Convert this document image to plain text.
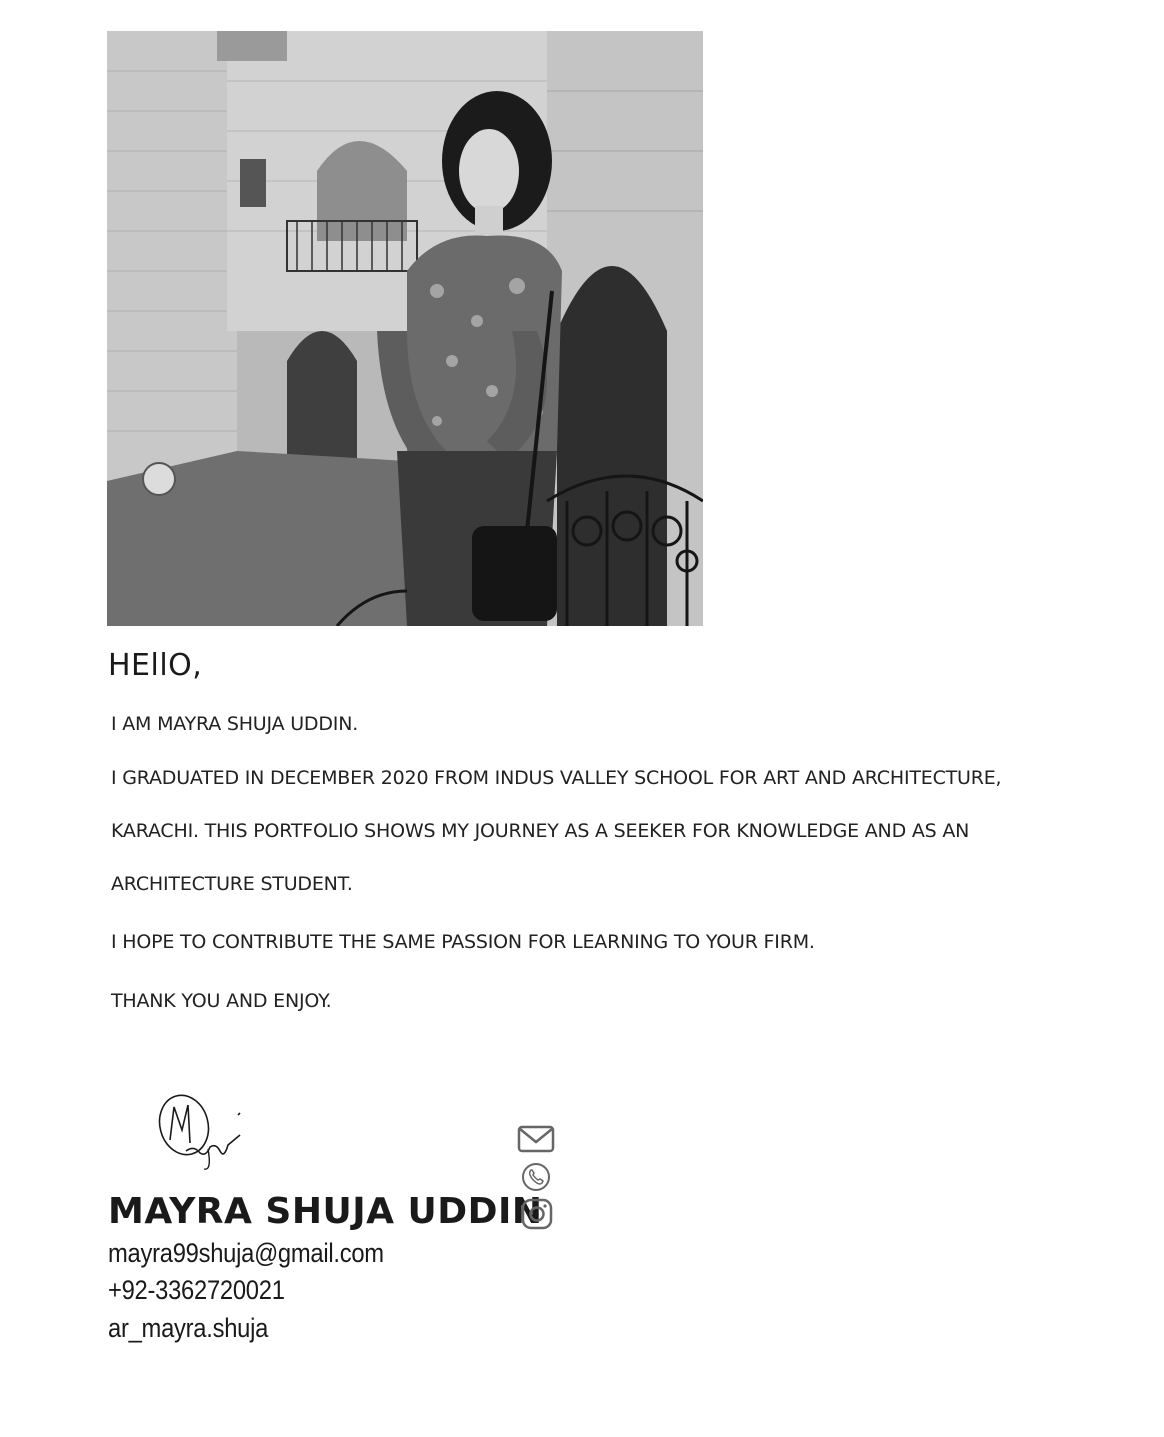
HEllO,

I AM MAYRA SHUJA UDDIN.

I GRADUATED IN DECEMBER 2020 FROM INDUS VALLEY SCHOOL FOR ART AND ARCHITECTURE,

KARACHI. THIS PORTFOLIO SHOWS MY JOURNEY AS A SEEKER FOR KNOWLEDGE AND AS AN

ARCHITECTURE STUDENT.

I HOPE TO CONTRIBUTE THE SAME PASSION FOR LEARNING TO YOUR FIRM.

THANK YOU AND ENJOY.

MAYRA SHUJA UDDIN
mayra99shuja@gmail.com
+92-3362720021
ar_mayra.shuja
